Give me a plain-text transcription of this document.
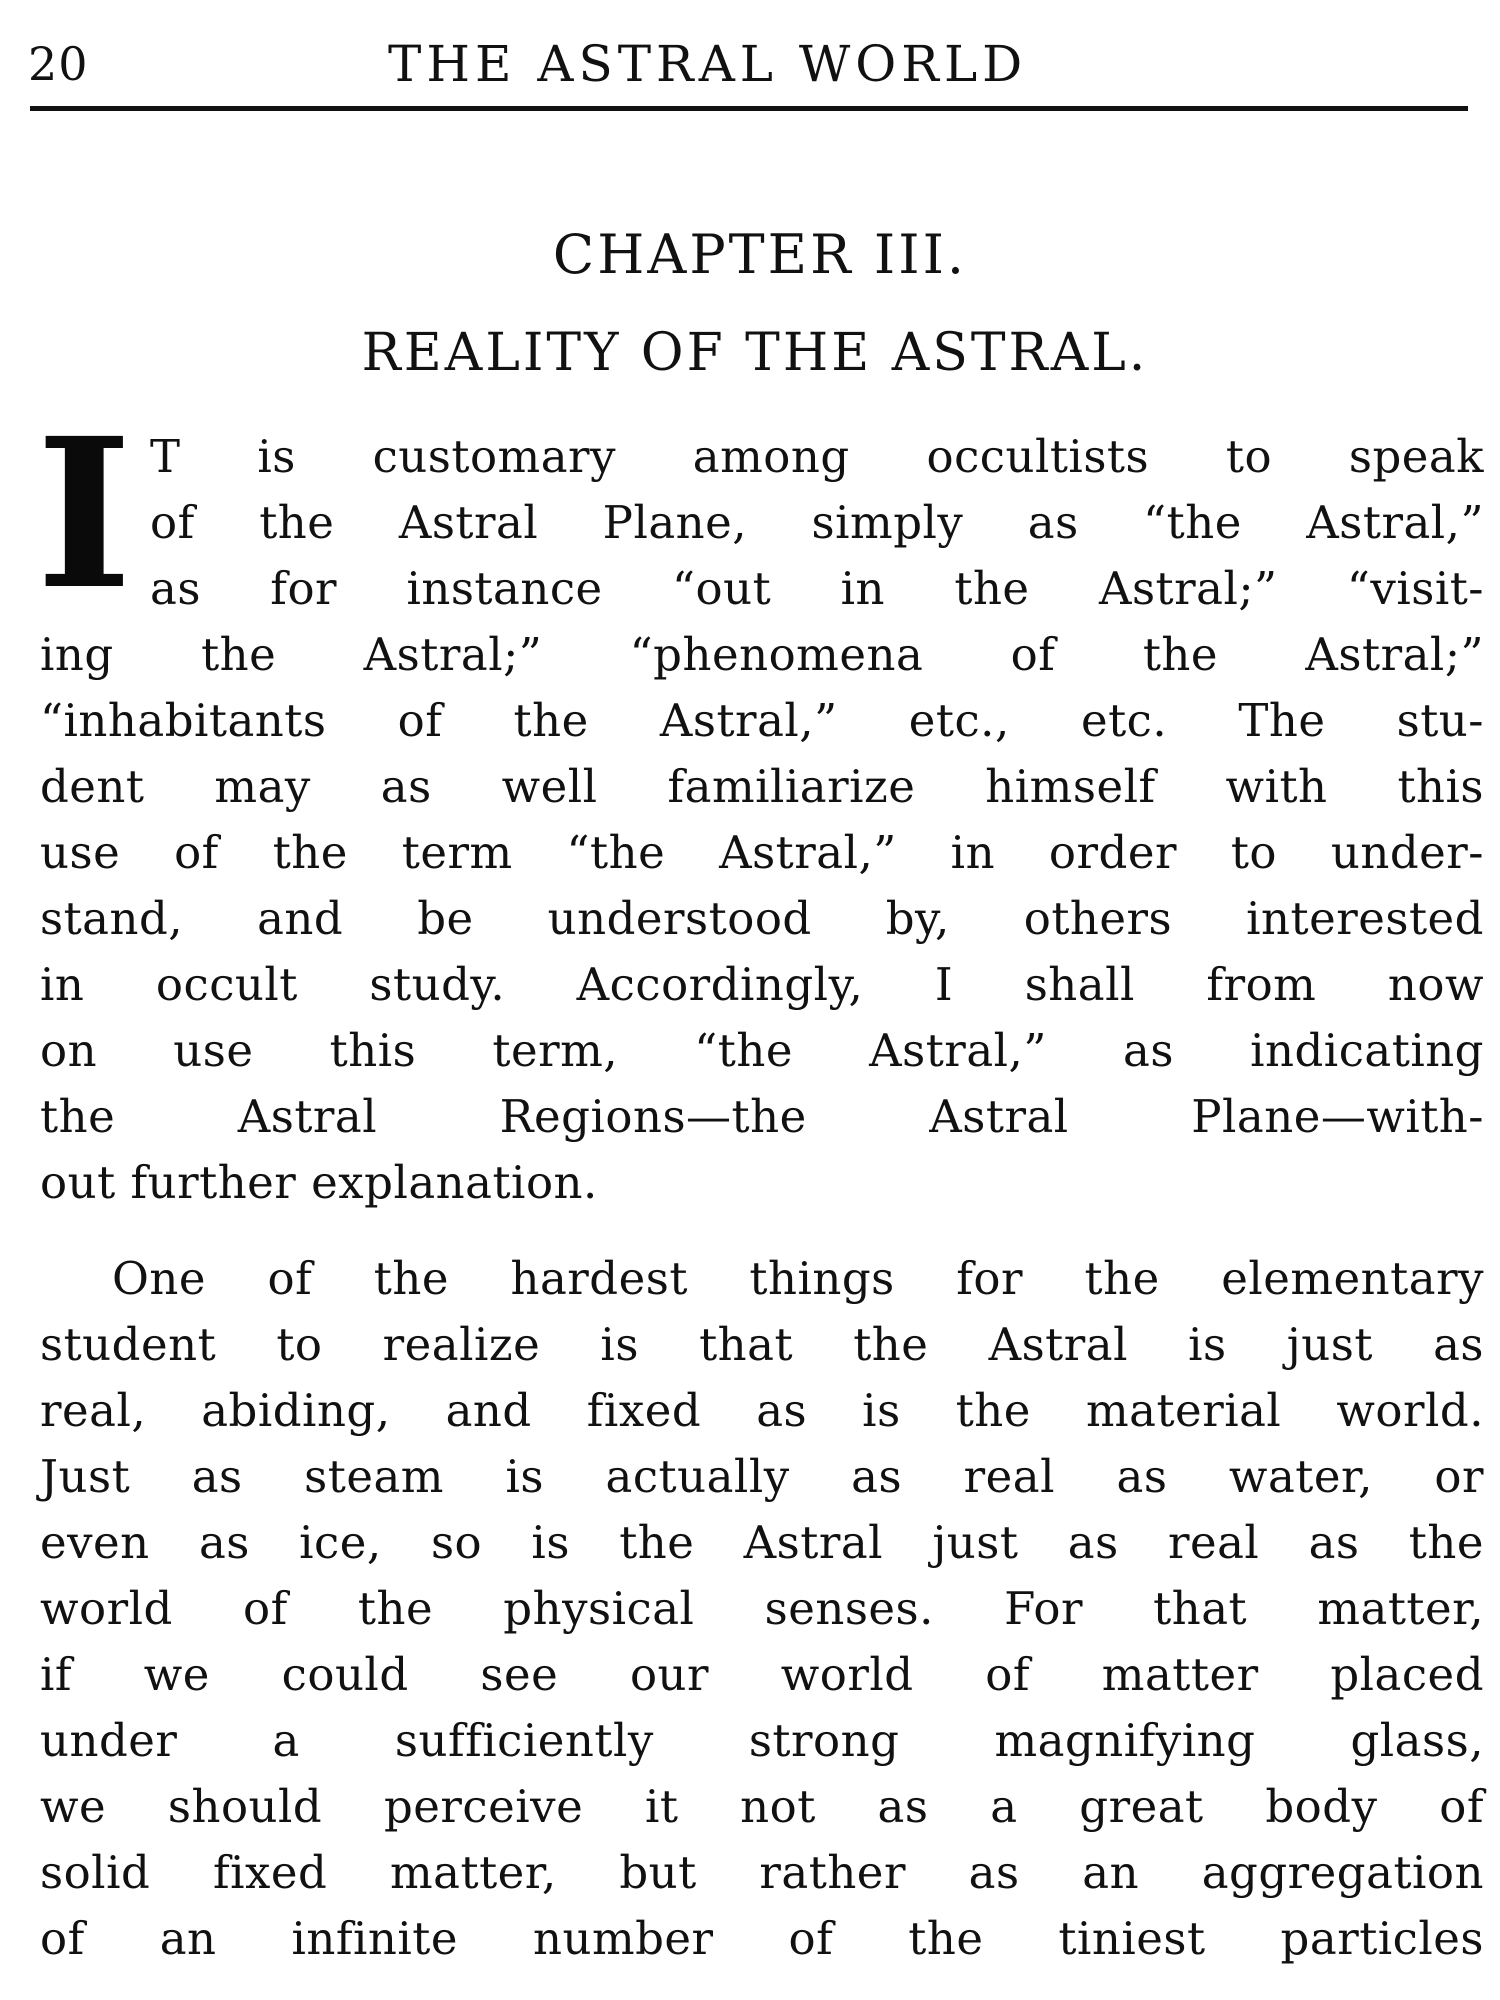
20	THE ASTRAL WORLD
CHAPTER III.
REALITY OF THE ASTRAL.
I T is customary among occultists to speak
of the Astral Plane, simply as “the Astral,”
as for instance “out in the Astral;” “visit-
ing the Astral;” “phenomena of the Astral;”
“inhabitants of the Astral,” etc., etc. The stu-
dent may as well familiarize himself with this
use of the term “the Astral,” in order to under-
stand, and be understood by, others interested
in occult study. Accordingly, I shall from now
on use this term, “the Astral,” as indicating
the Astral Regions—the Astral Plane—with-
out further explanation.
One of the hardest things for the elementary
student to realize is that the Astral is just as
real, abiding, and fixed as is the material world.
Just as steam is actually as real as water, or
even as ice, so is the Astral just as real as the
world of the physical senses. For that matter,
if we could see our world of matter placed
under a sufficiently strong magnifying glass,
we should perceive it not as a great body of
solid fixed matter, but rather as an aggregation
of an infinite number of the tiniest particles
